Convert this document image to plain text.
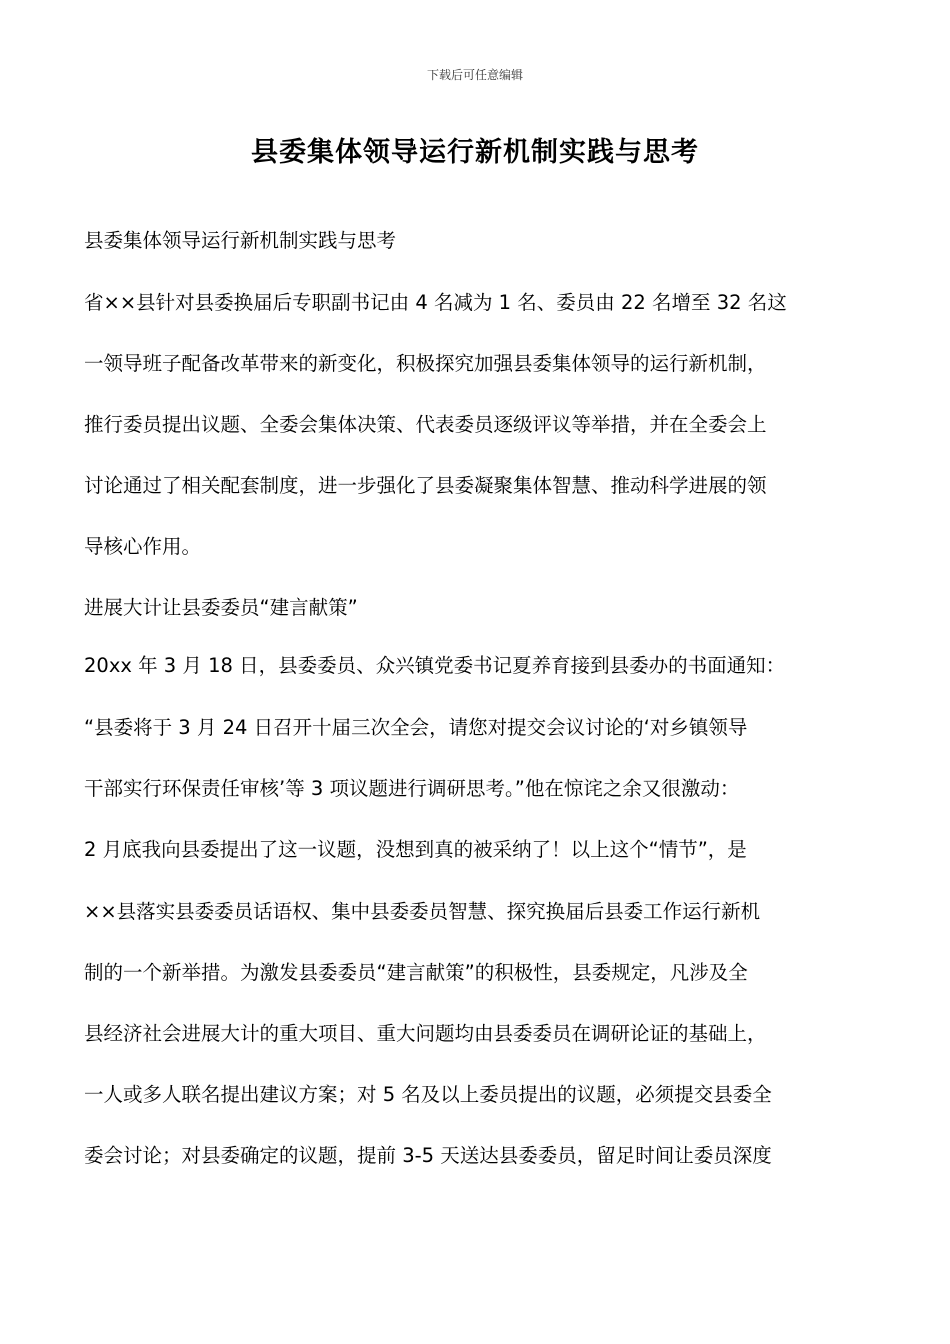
下载后可任意编辑
县委集体领导运行新机制实践与思考
县委集体领导运行新机制实践与思考
省××县针对县委换届后专职副书记由 4 名减为 1 名、委员由 22 名增至 32 名这
一领导班子配备改革带来的新变化，积极探究加强县委集体领导的运行新机制，
推行委员提出议题、全委会集体决策、代表委员逐级评议等举措，并在全委会上
讨论通过了相关配套制度，进一步强化了县委凝聚集体智慧、推动科学进展的领
导核心作用。
进展大计让县委委员“建言献策”
20xx 年 3 月 18 日，县委委员、众兴镇党委书记夏养育接到县委办的书面通知：
“县委将于 3 月 24 日召开十届三次全会，请您对提交会议讨论的‘对乡镇领导
干部实行环保责任审核’等 3 项议题进行调研思考。”他在惊诧之余又很激动：
2 月底我向县委提出了这一议题，没想到真的被采纳了！以上这个“情节”，是
××县落实县委委员话语权、集中县委委员智慧、探究换届后县委工作运行新机
制的一个新举措。为激发县委委员“建言献策”的积极性，县委规定，凡涉及全
县经济社会进展大计的重大项目、重大问题均由县委委员在调研论证的基础上，
一人或多人联名提出建议方案；对 5 名及以上委员提出的议题，必须提交县委全
委会讨论；对县委确定的议题，提前 3-5 天送达县委委员，留足时间让委员深度
